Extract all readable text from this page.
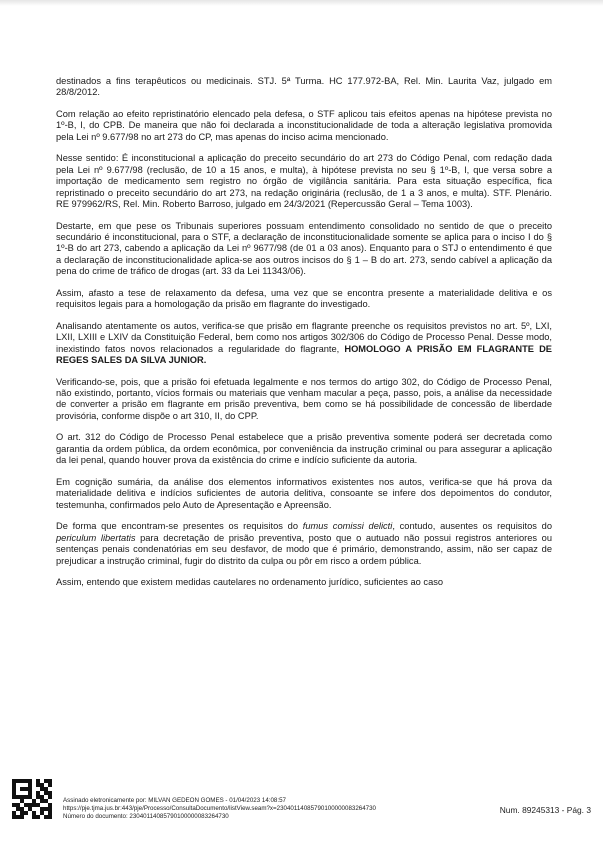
destinados a fins terapêuticos ou medicinais. STJ. 5ª Turma. HC 177.972-BA, Rel. Min. Laurita Vaz, julgado em 28/8/2012.

Com relação ao efeito repristinatório elencado pela defesa, o STF aplicou tais efeitos apenas na hipótese prevista no 1º-B, I, do CPB. De maneira que não foi declarada a inconstitucionalidade de toda a alteração legislativa promovida pela Lei nº 9.677/98 no art 273 do CP, mas apenas do inciso acima mencionado.

Nesse sentido: É inconstitucional a aplicação do preceito secundário do art 273 do Código Penal, com redação dada pela Lei nº 9.677/98 (reclusão, de 10 a 15 anos, e multa), à hipótese prevista no seu § 1º-B, I, que versa sobre a importação de medicamento sem registro no órgão de vigilância sanitária. Para esta situação específica, fica repristinado o preceito secundário do art 273, na redação originária (reclusão, de 1 a 3 anos, e multa). STF. Plenário. RE 979962/RS, Rel. Min. Roberto Barroso, julgado em 24/3/2021 (Repercussão Geral – Tema 1003).

Destarte, em que pese os Tribunais superiores possuam entendimento consolidado no sentido de que o preceito secundário é inconstitucional, para o STF, a declaração de inconstitucionalidade somente se aplica para o inciso I do § 1º-B do art 273, cabendo a aplicação da Lei nº 9677/98 (de 01 a 03 anos). Enquanto para o STJ o entendimento é que a declaração de inconstitucionalidade aplica-se aos outros incisos do § 1 – B do art. 273, sendo cabível a aplicação da pena do crime de tráfico de drogas (art. 33 da Lei 11343/06).

Assim, afasto a tese de relaxamento da defesa, uma vez que se encontra presente a materialidade delitiva e os requisitos legais para a homologação da prisão em flagrante do investigado.

Analisando atentamente os autos, verifica-se que prisão em flagrante preenche os requisitos previstos no art. 5º, LXI, LXII, LXIII e LXIV da Constituição Federal, bem como nos artigos 302/306 do Código de Processo Penal. Desse modo, inexistindo fatos novos relacionados a regularidade do flagrante, HOMOLOGO A PRISÃO EM FLAGRANTE DE REGES SALES DA SILVA JUNIOR.

Verificando-se, pois, que a prisão foi efetuada legalmente e nos termos do artigo 302, do Código de Processo Penal, não existindo, portanto, vícios formais ou materiais que venham macular a peça, passo, pois, a análise da necessidade de converter a prisão em flagrante em prisão preventiva, bem como se há possibilidade de concessão de liberdade provisória, conforme dispõe o art 310, II, do CPP.

O art. 312 do Código de Processo Penal estabelece que a prisão preventiva somente poderá ser decretada como garantia da ordem pública, da ordem econômica, por conveniência da instrução criminal ou para assegurar a aplicação da lei penal, quando houver prova da existência do crime e indício suficiente da autoria.

Em cognição sumária, da análise dos elementos informativos existentes nos autos, verifica-se que há prova da materialidade delitiva e indícios suficientes de autoria delitiva, consoante se infere dos depoimentos do condutor, testemunha, confirmados pelo Auto de Apresentação e Apreensão.

De forma que encontram-se presentes os requisitos do fumus comissi delicti, contudo, ausentes os requisitos do periculum libertatis para decretação de prisão preventiva, posto que o autuado não possui registros anteriores ou sentenças penais condenatórias em seu desfavor, de modo que é primário, demonstrando, assim, não ser capaz de prejudicar a instrução criminal, fugir do distrito da culpa ou pôr em risco a ordem pública.

Assim, entendo que existem medidas cautelares no ordenamento jurídico, suficientes ao caso

Assinado eletronicamente por: MILVAN GEDEON GOMES - 01/04/2023 14:08:57
https://pje.tjma.jus.br:443/pje/Processo/ConsultaDocumento/listView.seam?x=23040114085790100000083264730
Número do documento: 23040114085790100000083264730
Num. 89245313 - Pág. 3
